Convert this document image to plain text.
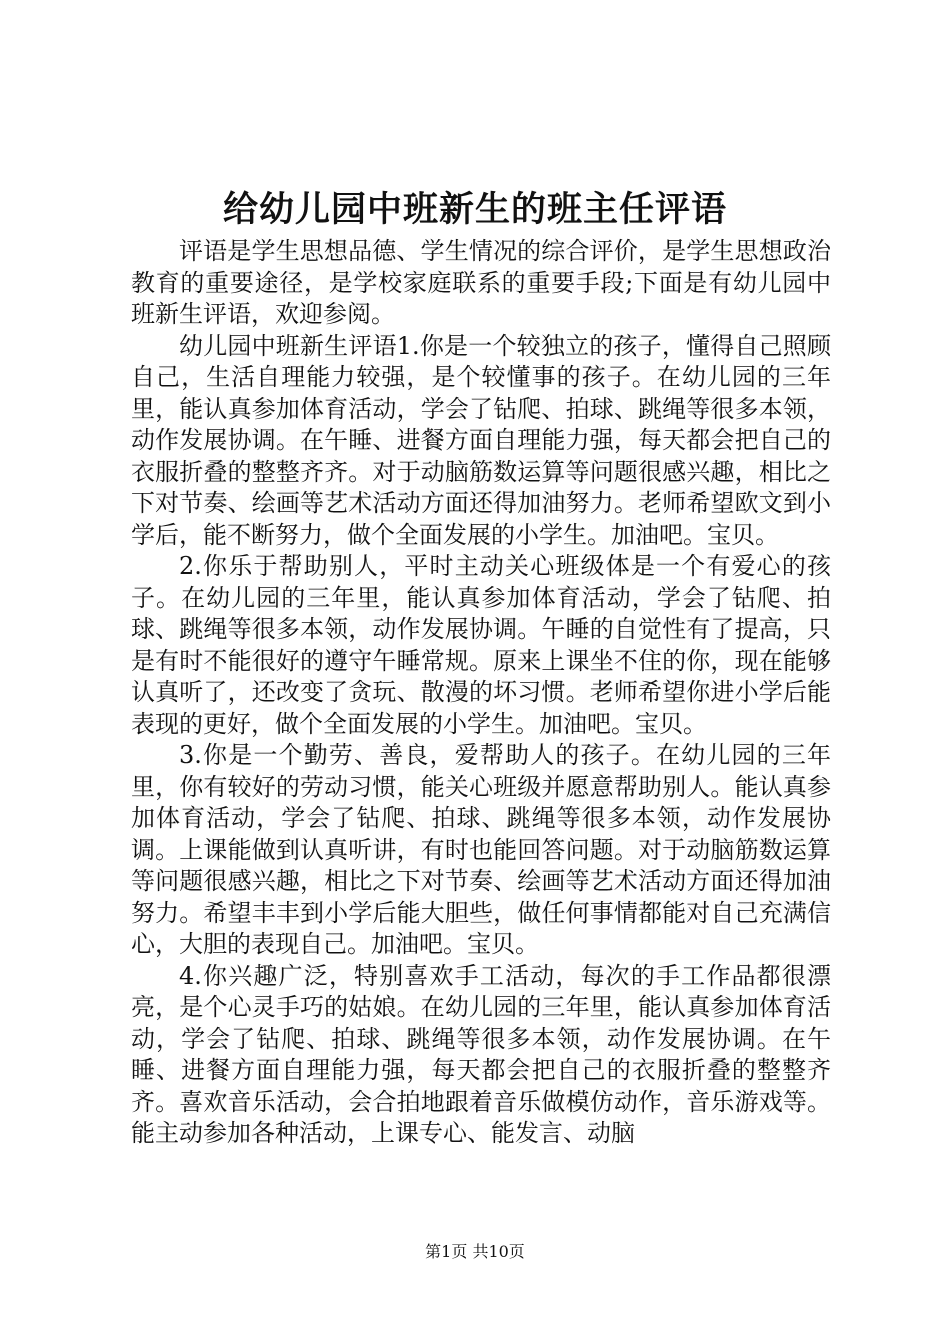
给幼儿园中班新生的班主任评语

评语是学生思想品德、学生情况的综合评价，是学生思想政治教育的重要途径，是学校家庭联系的重要手段;下面是有幼儿园中班新生评语，欢迎参阅。

幼儿园中班新生评语1.你是一个较独立的孩子，懂得自己照顾自己，生活自理能力较强，是个较懂事的孩子。在幼儿园的三年里，能认真参加体育活动，学会了钻爬、拍球、跳绳等很多本领，动作发展协调。在午睡、进餐方面自理能力强，每天都会把自己的衣服折叠的整整齐齐。对于动脑筋数运算等问题很感兴趣，相比之下对节奏、绘画等艺术活动方面还得加油努力。老师希望欧文到小学后，能不断努力，做个全面发展的小学生。加油吧。宝贝。

2.你乐于帮助别人，平时主动关心班级体是一个有爱心的孩子。在幼儿园的三年里，能认真参加体育活动，学会了钻爬、拍球、跳绳等很多本领，动作发展协调。午睡的自觉性有了提高，只是有时不能很好的遵守午睡常规。原来上课坐不住的你，现在能够认真听了，还改变了贪玩、散漫的坏习惯。老师希望你进小学后能表现的更好，做个全面发展的小学生。加油吧。宝贝。

3.你是一个勤劳、善良，爱帮助人的孩子。在幼儿园的三年里，你有较好的劳动习惯，能关心班级并愿意帮助别人。能认真参加体育活动，学会了钻爬、拍球、跳绳等很多本领，动作发展协调。上课能做到认真听讲，有时也能回答问题。对于动脑筋数运算等问题很感兴趣，相比之下对节奏、绘画等艺术活动方面还得加油努力。希望丰丰到小学后能大胆些，做任何事情都能对自己充满信心，大胆的表现自己。加油吧。宝贝。

4.你兴趣广泛，特别喜欢手工活动，每次的手工作品都很漂亮，是个心灵手巧的姑娘。在幼儿园的三年里，能认真参加体育活动，学会了钻爬、拍球、跳绳等很多本领，动作发展协调。在午睡、进餐方面自理能力强，每天都会把自己的衣服折叠的整整齐齐。喜欢音乐活动，会合拍地跟着音乐做模仿动作，音乐游戏等。能主动参加各种活动，上课专心、能发言、动脑

第1页 共10页
